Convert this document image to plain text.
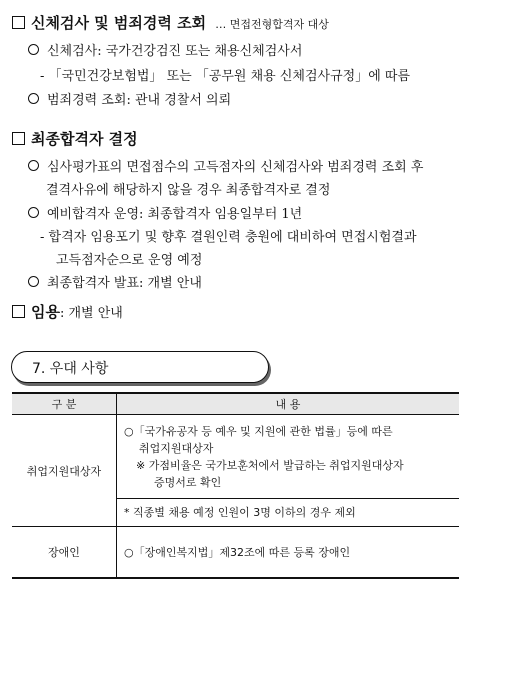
신체검사 및 범죄경력 조회 … 면접전형합격자 대상
신체검사: 국가건강검진 또는 채용신체검사서
- 「국민건강보험법」 또는 「공무원 채용 신체검사규정」에 따름
범죄경력 조회: 관내 경찰서 의뢰
최종합격자 결정
심사평가표의 면접점수의 고득점자의 신체검사와 범죄경력 조회 후
결격사유에 해당하지 않을 경우 최종합격자로 결정
예비합격자 운영: 최종합격자 임용일부터 1년
- 합격자 임용포기 및 향후 결원인력 충원에 대비하여 면접시험결과
고득점자순으로 운영 예정
최종합격자 발표: 개별 안내
임용: 개별 안내
7. 우대 사항
구 분	내 용
취업지원대상자	○「국가유공자 등 예우 및 지원에 관한 법률」등에 따른
취업지원대상자
※ 가점비율은 국가보훈처에서 발급하는 취업지원대상자
증명서로 확인

	* 직종별 채용 예정 인원이 3명 이하의 경우 제외

장애인	○「장애인복지법」제32조에 따른 등록 장애인
